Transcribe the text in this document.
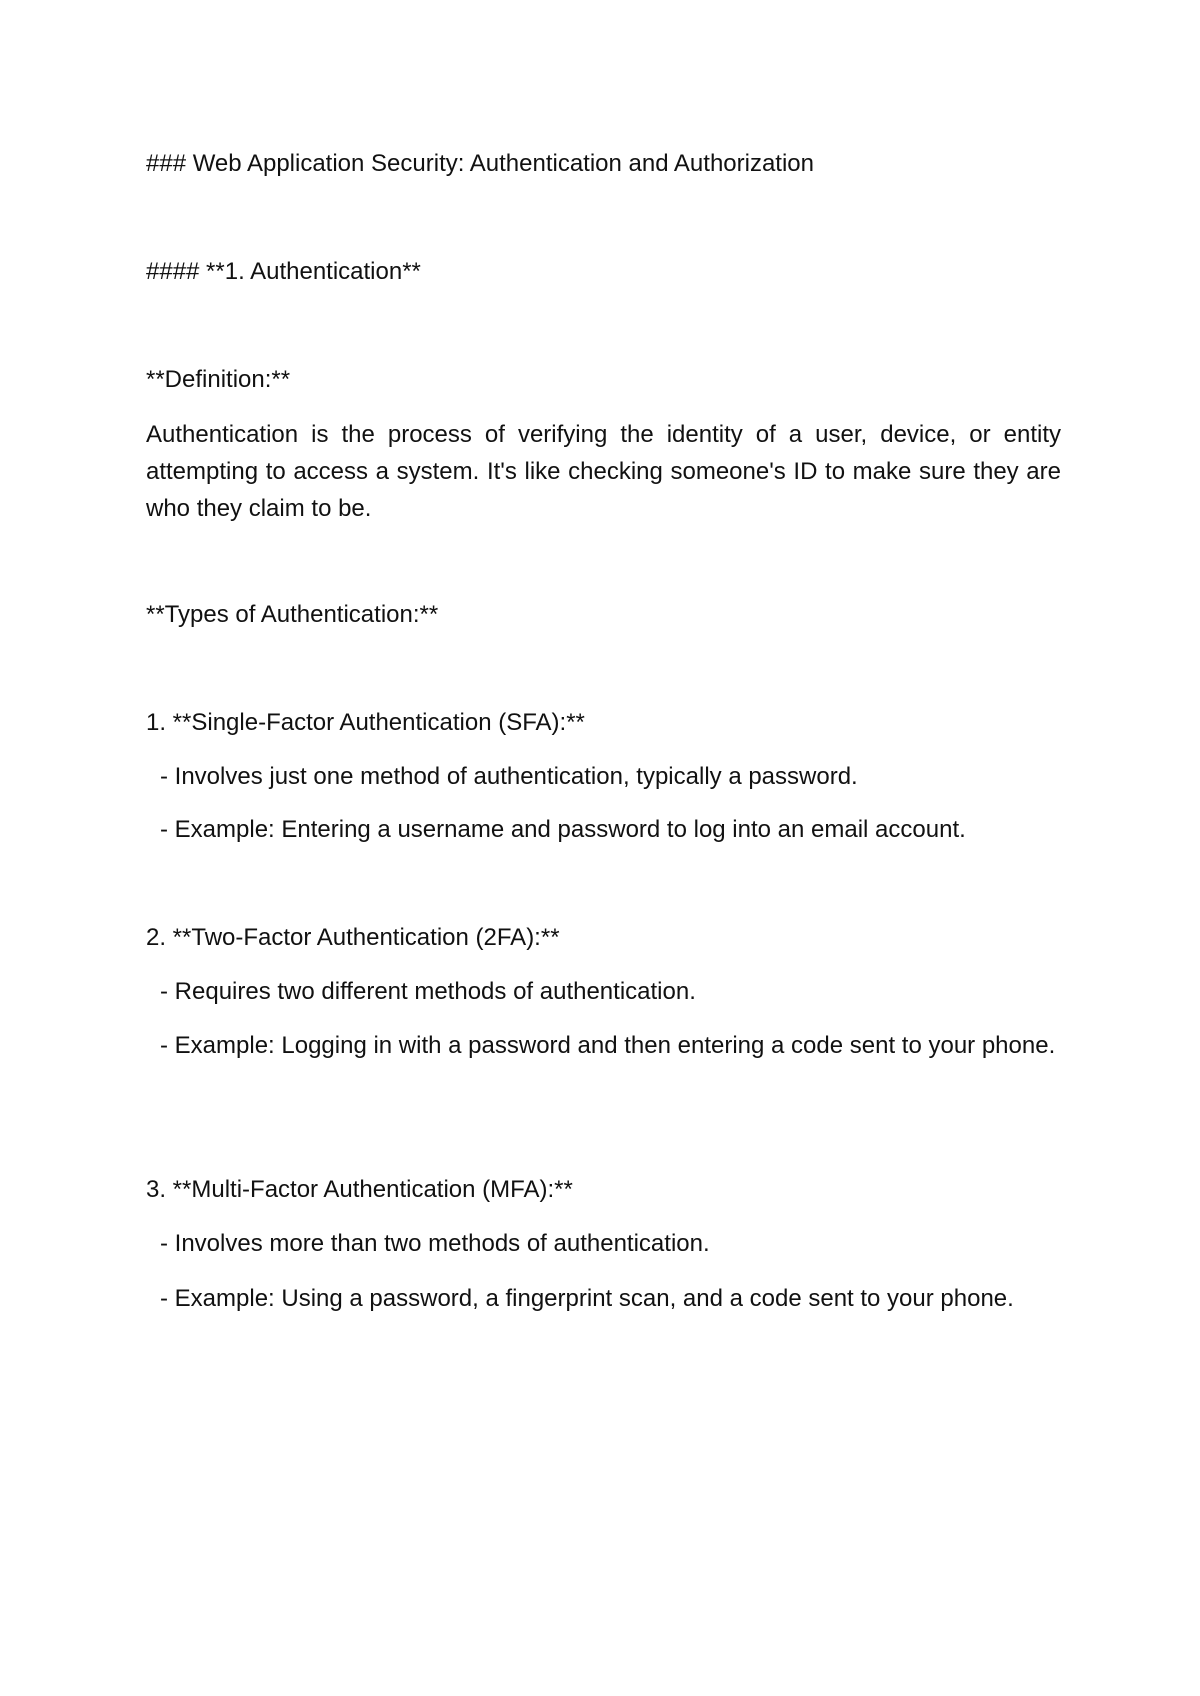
### Web Application Security: Authentication and Authorization

#### **1. Authentication**

**Definition:**

Authentication is the process of verifying the identity of a user, device, or entity attempting to access a system. It's like checking someone's ID to make sure they are who they claim to be.

**Types of Authentication:**

1. **Single-Factor Authentication (SFA):**

- Involves just one method of authentication, typically a password.

- Example: Entering a username and password to log into an email account.

2. **Two-Factor Authentication (2FA):**

- Requires two different methods of authentication.

- Example: Logging in with a password and then entering a code sent to your phone.

3. **Multi-Factor Authentication (MFA):**

- Involves more than two methods of authentication.

- Example: Using a password, a fingerprint scan, and a code sent to your phone.
